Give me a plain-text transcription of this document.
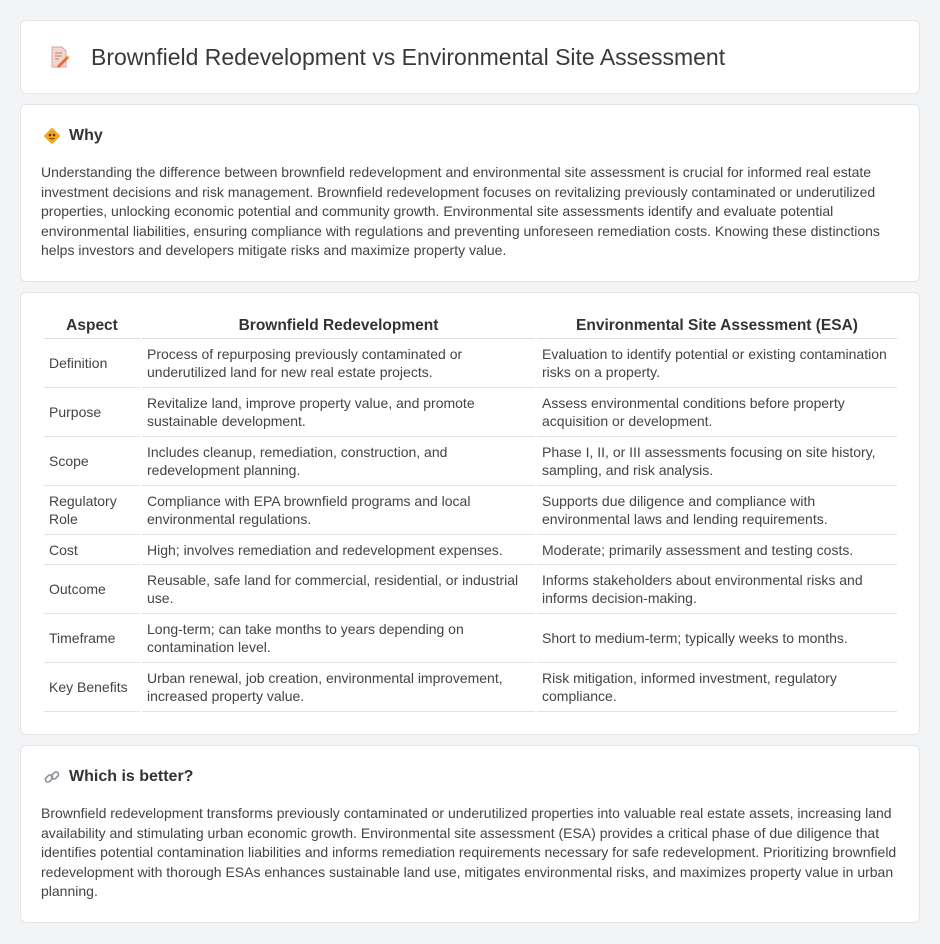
Brownfield Redevelopment vs Environmental Site Assessment
Why

Understanding the difference between brownfield redevelopment and environmental site assessment is crucial for informed real estate investment decisions and risk management. Brownfield redevelopment focuses on revitalizing previously contaminated or underutilized properties, unlocking economic potential and community growth. Environmental site assessments identify and evaluate potential environmental liabilities, ensuring compliance with regulations and preventing unforeseen remediation costs. Knowing these distinctions helps investors and developers mitigate risks and maximize property value.

Aspect	Brownfield Redevelopment	Environmental Site Assessment (ESA)
Definition	Process of repurposing previously contaminated or underutilized land for new real estate projects.	Evaluation to identify potential or existing contamination risks on a property.
Purpose	Revitalize land, improve property value, and promote sustainable development.	Assess environmental conditions before property acquisition or development.
Scope	Includes cleanup, remediation, construction, and redevelopment planning.	Phase I, II, or III assessments focusing on site history, sampling, and risk analysis.
Regulatory Role	Compliance with EPA brownfield programs and local environmental regulations.	Supports due diligence and compliance with environmental laws and lending requirements.
Cost	High; involves remediation and redevelopment expenses.	Moderate; primarily assessment and testing costs.
Outcome	Reusable, safe land for commercial, residential, or industrial use.	Informs stakeholders about environmental risks and informs decision-making.
Timeframe	Long-term; can take months to years depending on contamination level.	Short to medium-term; typically weeks to months.
Key Benefits	Urban renewal, job creation, environmental improvement, increased property value.	Risk mitigation, informed investment, regulatory compliance.
Which is better?

Brownfield redevelopment transforms previously contaminated or underutilized properties into valuable real estate assets, increasing land availability and stimulating urban economic growth. Environmental site assessment (ESA) provides a critical phase of due diligence that identifies potential contamination liabilities and informs remediation requirements necessary for safe redevelopment. Prioritizing brownfield redevelopment with thorough ESAs enhances sustainable land use, mitigates environmental risks, and maximizes property value in urban planning.
